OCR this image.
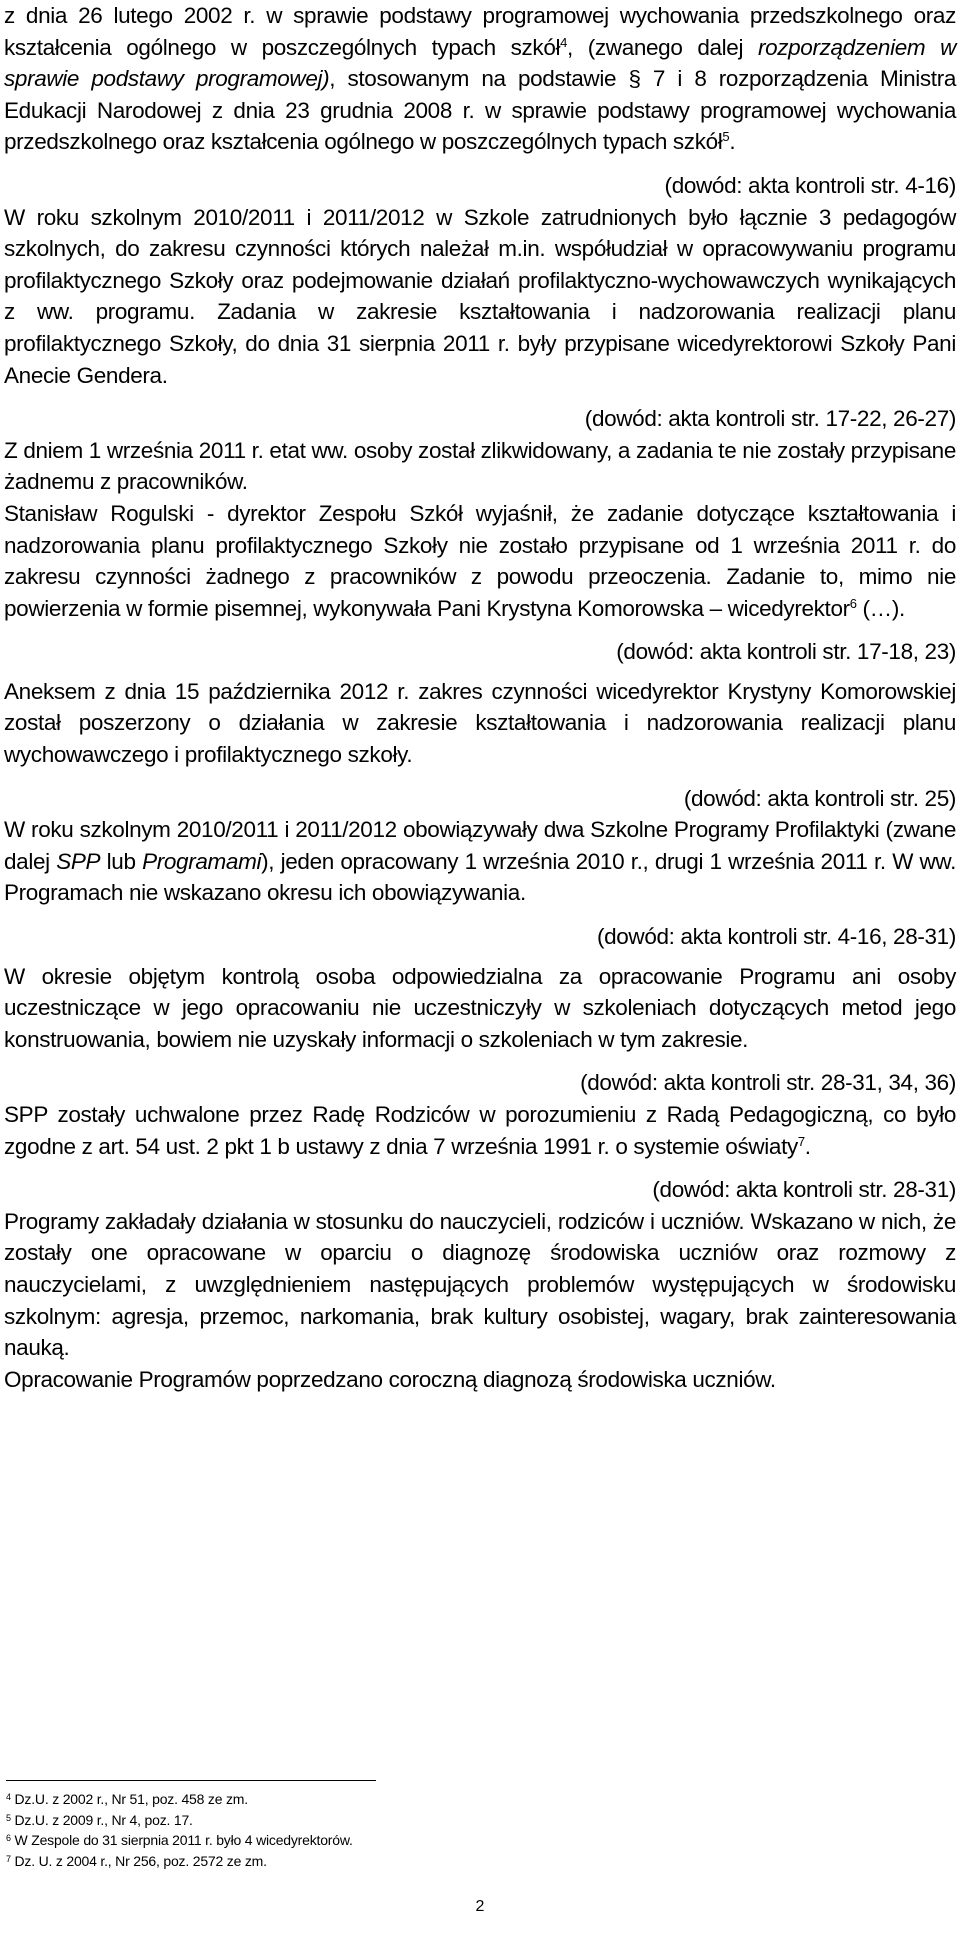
z dnia 26 lutego 2002 r. w sprawie podstawy programowej wychowania przedszkolnego oraz kształcenia ogólnego w poszczególnych typach szkół$^4$, (zwanego dalej rozporządzeniem w sprawie podstawy programowej), stosowanym na podstawie § 7 i 8 rozporządzenia Ministra Edukacji Narodowej z dnia 23 grudnia 2008 r. w sprawie podstawy programowej wychowania przedszkolnego oraz kształcenia ogólnego w poszczególnych typach szkół$^5$.

(dowód: akta kontroli str. 4-16)

W roku szkolnym 2010/2011 i 2011/2012 w Szkole zatrudnionych było łącznie 3 pedagogów szkolnych, do zakresu czynności których należał m.in. współudział w opracowywaniu programu profilaktycznego Szkoły oraz podejmowanie działań profilaktyczno-wychowawczych wynikających z ww. programu. Zadania w zakresie kształtowania i nadzorowania realizacji planu profilaktycznego Szkoły, do dnia 31 sierpnia 2011 r. były przypisane wicedyrektorowi Szkoły Pani Anecie Gendera.

(dowód: akta kontroli str. 17-22, 26-27)

Z dniem 1 września 2011 r. etat ww. osoby został zlikwidowany, a zadania te nie zostały przypisane żadnemu z pracowników.

Stanisław Rogulski - dyrektor Zespołu Szkół wyjaśnił, że zadanie dotyczące kształtowania i nadzorowania planu profilaktycznego Szkoły nie zostało przypisane od 1 września 2011 r. do zakresu czynności żadnego z pracowników z powodu przeoczenia. Zadanie to, mimo nie powierzenia w formie pisemnej, wykonywała Pani Krystyna Komorowska – wicedyrektor$^6$ (…).

(dowód: akta kontroli str. 17-18, 23)

Aneksem z dnia 15 października 2012 r. zakres czynności wicedyrektor Krystyny Komorowskiej został poszerzony o działania w zakresie kształtowania i nadzorowania realizacji planu wychowawczego i profilaktycznego szkoły.

(dowód: akta kontroli str. 25)

W roku szkolnym 2010/2011 i 2011/2012 obowiązywały dwa Szkolne Programy Profilaktyki (zwane dalej SPP lub Programami), jeden opracowany 1 września 2010 r., drugi 1 września 2011 r. W ww. Programach nie wskazano okresu ich obowiązywania.

(dowód: akta kontroli str. 4-16, 28-31)

W okresie objętym kontrolą osoba odpowiedzialna za opracowanie Programu ani osoby uczestniczące w jego opracowaniu nie uczestniczyły w szkoleniach dotyczących metod jego konstruowania, bowiem nie uzyskały informacji o szkoleniach w tym zakresie.

(dowód: akta kontroli str. 28-31, 34, 36)

SPP zostały uchwalone przez Radę Rodziców w porozumieniu z Radą Pedagogiczną, co było zgodne z art. 54 ust. 2 pkt 1 b ustawy z dnia 7 września 1991 r. o systemie oświaty$^7$.

(dowód: akta kontroli str. 28-31)

Programy zakładały działania w stosunku do nauczycieli, rodziców i uczniów. Wskazano w nich, że zostały one opracowane w oparciu o diagnozę środowiska uczniów oraz rozmowy z nauczycielami, z uwzględnieniem następujących problemów występujących w środowisku szkolnym: agresja, przemoc, narkomania, brak kultury osobistej, wagary, brak zainteresowania nauką.

Opracowanie Programów poprzedzano coroczną diagnozą środowiska uczniów.

$^4$ Dz.U. z 2002 r., Nr 51, poz. 458 ze zm.
$^5$ Dz.U. z 2009 r., Nr 4, poz. 17.
$^6$ W Zespole do 31 sierpnia 2011 r. było 4 wicedyrektorów.
$^7$ Dz. U. z 2004 r., Nr 256, poz. 2572 ze zm.
2
